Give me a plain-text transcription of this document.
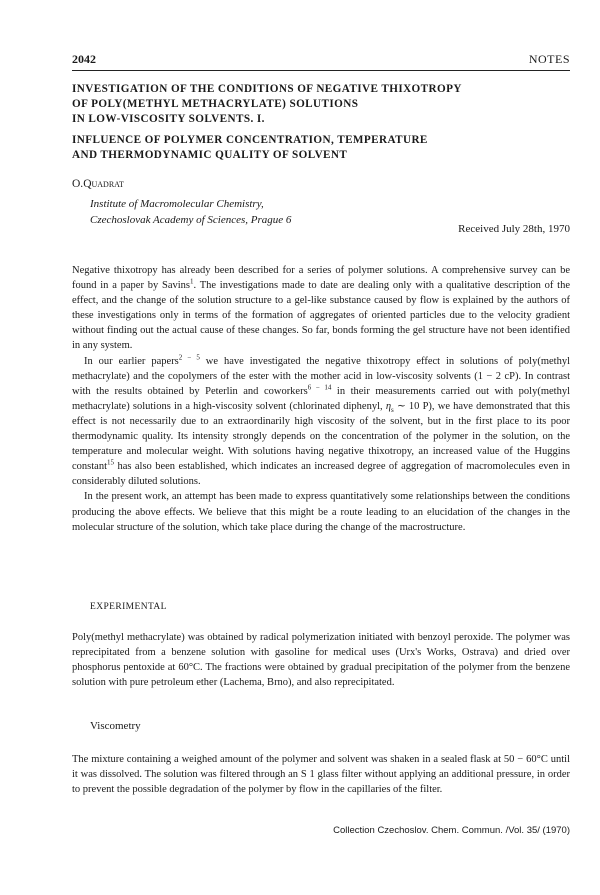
2042	NOTES
INVESTIGATION OF THE CONDITIONS OF NEGATIVE THIXOTROPY
OF POLY(METHYL METHACRYLATE) SOLUTIONS
IN LOW-VISCOSITY SOLVENTS. I.
INFLUENCE OF POLYMER CONCENTRATION, TEMPERATURE
AND THERMODYNAMIC QUALITY OF SOLVENT
O.Quadrat
Institute of Macromolecular Chemistry,
Czechoslovak Academy of Sciences, Prague 6
Received July 28th, 1970

Negative thixotropy has already been described for a series of polymer solutions. A comprehensive survey can be found in a paper by Savins$^1$. The investigations made to date are dealing only with a qualitative description of the effect, and the change of the solution structure to a gel-like substance caused by flow is explained by the authors of these investigations only in terms of the formation of aggregates of oriented particles due to the velocity gradient without finding out the actual cause of these changes. So far, bonds forming the gel structure have not been identified in any system.

In our earlier papers$^{2 - 5}$ we have investigated the negative thixotropy effect in solutions of poly(methyl methacrylate) and the copolymers of the ester with the mother acid in low-viscosity solvents (1 − 2 cP). In contrast with the results obtained by Peterlin and coworkers$^{6 - 14}$ in their measurements carried out with poly(methyl methacrylate) solutions in a high-viscosity solvent (chlorinated diphenyl, $\eta_s$ ∼ 10 P), we have demonstrated that this effect is not necessarily due to an extraordinarily high viscosity of the solvent, but in the first place to its poor thermodynamic quality. Its intensity strongly depends on the concentration of the polymer in the solution, on the temperature and molecular weight. With solutions having negative thixotropy, an increased value of the Huggins constant$^{15}$ has also been established, which indicates an increased degree of aggregation of macromolecules even in considerably diluted solutions.

In the present work, an attempt has been made to express quantitatively some relationships between the conditions producing the above effects. We believe that this might be a route leading to an elucidation of the changes in the molecular structure of the solution, which take place during the change of the macrostructure.

EXPERIMENTAL

Poly(methyl methacrylate) was obtained by radical polymerization initiated with benzoyl peroxide. The polymer was reprecipitated from a benzene solution with gasoline for medical uses (Urx's Works, Ostrava) and dried over phosphorus pentoxide at 60°C. The fractions were obtained by gradual precipitation of the polymer from the benzene solution with pure petroleum ether (Lachema, Brno), and also reprecipitated.

Viscometry

The mixture containing a weighed amount of the polymer and solvent was shaken in a sealed flask at 50 − 60°C until it was dissolved. The solution was filtered through an S 1 glass filter without applying an additional pressure, in order to prevent the possible degradation of the polymer by flow in the capillaries of the filter.

Collection Czechoslov. Chem. Commun. /Vol. 35/ (1970)
